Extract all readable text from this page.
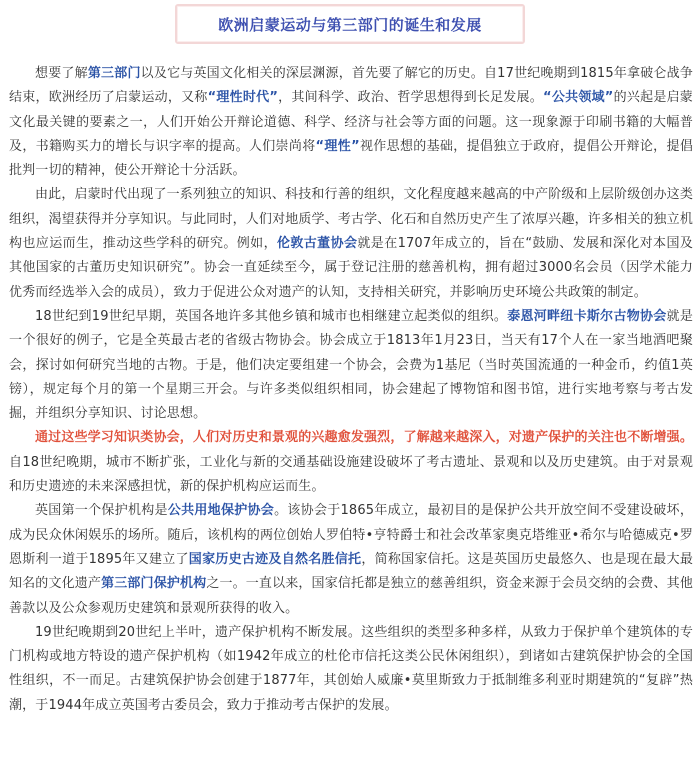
欧洲启蒙运动与第三部门的诞生和发展

想要了解第三部门以及它与英国文化相关的深层渊源，首先要了解它的历史。自17世纪晚期到1815年拿破仑战争结束，欧洲经历了启蒙运动，又称“理性时代”，其间科学、政治、哲学思想得到长足发展。“公共领域”的兴起是启蒙文化最关键的要素之一，人们开始公开辩论道德、科学、经济与社会等方面的问题。这一现象源于印刷书籍的大幅普及，书籍购买力的增长与识字率的提高。人们崇尚将“理性”视作思想的基础，提倡独立于政府，提倡公开辩论，提倡批判一切的精神，使公开辩论十分活跃。

由此，启蒙时代出现了一系列独立的知识、科技和行善的组织，文化程度越来越高的中产阶级和上层阶级创办这类组织，渴望获得并分享知识。与此同时，人们对地质学、考古学、化石和自然历史产生了浓厚兴趣，许多相关的独立机构也应运而生，推动这些学科的研究。例如，伦敦古董协会就是在1707年成立的，旨在“鼓励、发展和深化对本国及其他国家的古董历史知识研究”。协会一直延续至今，属于登记注册的慈善机构，拥有超过3000名会员（因学术能力优秀而经选举入会的成员），致力于促进公众对遗产的认知，支持相关研究，并影响历史环境公共政策的制定。

18世纪到19世纪早期，英国各地许多其他乡镇和城市也相继建立起类似的组织。泰恩河畔纽卡斯尔古物协会就是一个很好的例子，它是全英最古老的省级古物协会。协会成立于1813年1月23日，当天有17个人在一家当地酒吧聚会，探讨如何研究当地的古物。于是，他们决定要组建一个协会，会费为1基尼（当时英国流通的一种金币，约值1英镑），规定每个月的第一个星期三开会。与许多类似组织相同，协会建起了博物馆和图书馆，进行实地考察与考古发掘，并组织分享知识、讨论思想。

通过这些学习知识类协会，人们对历史和景观的兴趣愈发强烈，了解越来越深入，对遗产保护的关注也不断增强。自18世纪晚期，城市不断扩张，工业化与新的交通基础设施建设破坏了考古遗址、景观和以及历史建筑。由于对景观和历史遗迹的未来深感担忧，新的保护机构应运而生。

英国第一个保护机构是公共用地保护协会。该协会于1865年成立，最初目的是保护公共开放空间不受建设破坏，成为民众休闲娱乐的场所。随后，该机构的两位创始人罗伯特•亨特爵士和社会改革家奥克塔维亚•希尔与哈德威克•罗恩斯利一道于1895年又建立了国家历史古迹及自然名胜信托，简称国家信托。这是英国历史最悠久、也是现在最大最知名的文化遗产第三部门保护机构之一。一直以来，国家信托都是独立的慈善组织，资金来源于会员交纳的会费、其他善款以及公众参观历史建筑和景观所获得的收入。

19世纪晚期到20世纪上半叶，遗产保护机构不断发展。这些组织的类型多种多样，从致力于保护单个建筑体的专门机构或地方特设的遗产保护机构（如1942年成立的杜伦市信托这类公民休闲组织），到诸如古建筑保护协会的全国性组织，不一而足。古建筑保护协会创建于1877年，其创始人威廉•莫里斯致力于抵制维多利亚时期建筑的“复辟”热潮，于1944年成立英国考古委员会，致力于推动考古保护的发展。
